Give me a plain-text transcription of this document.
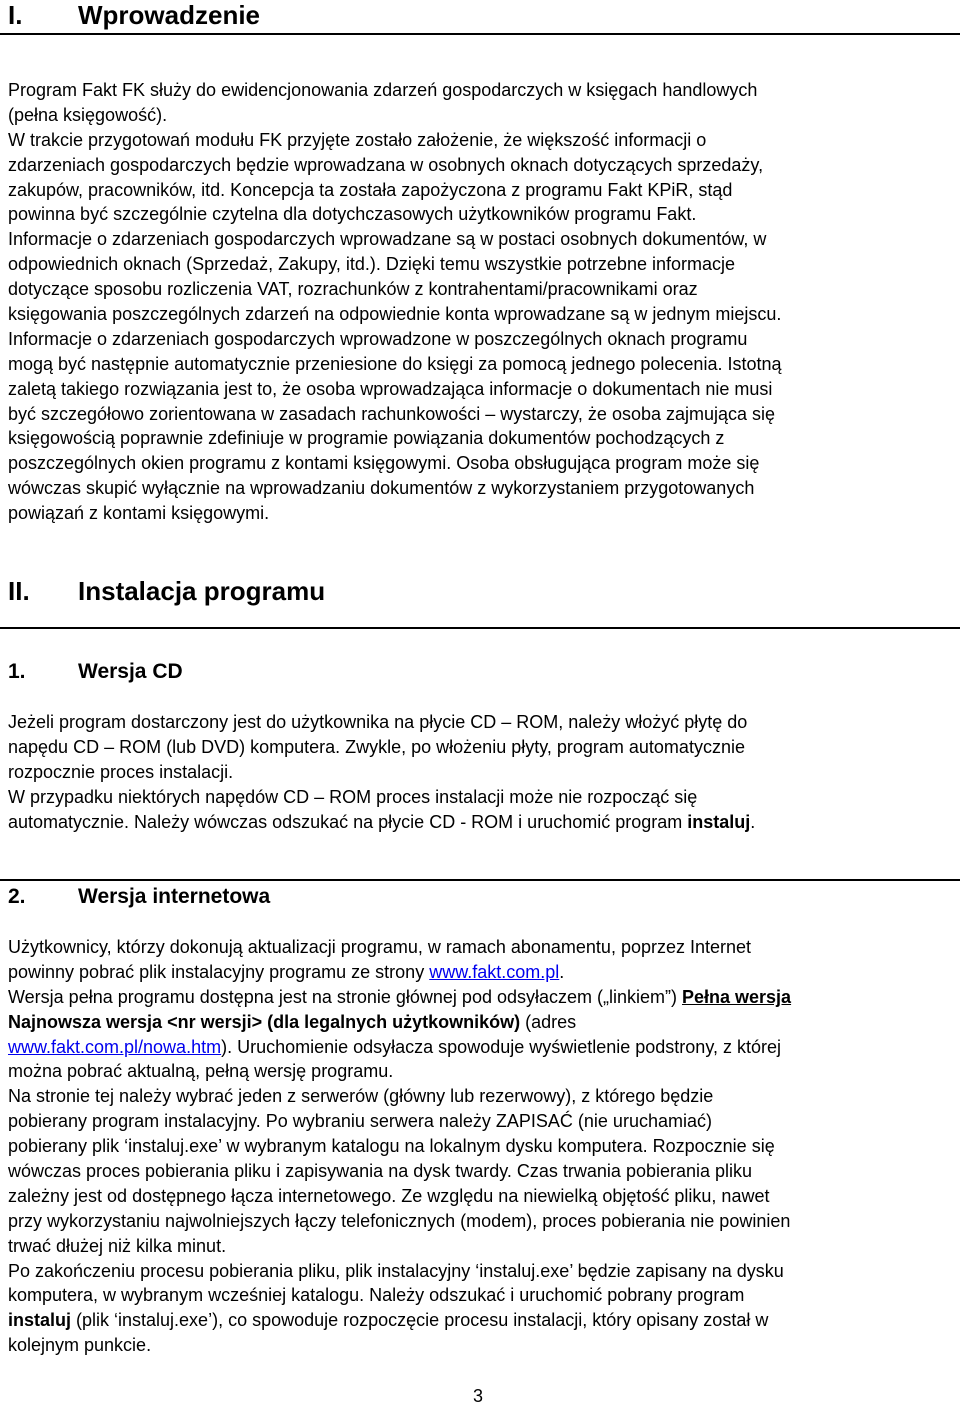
I. Wprowadzenie
Program Fakt FK służy do ewidencjonowania zdarzeń gospodarczych w księgach handlowych
(pełna księgowość).
W trakcie przygotowań modułu FK przyjęte zostało założenie, że większość informacji o
zdarzeniach gospodarczych będzie wprowadzana w osobnych oknach dotyczących sprzedaży,
zakupów, pracowników, itd. Koncepcja ta została zapożyczona z programu Fakt KPiR, stąd
powinna być szczególnie czytelna dla dotychczasowych użytkowników programu Fakt.
Informacje o zdarzeniach gospodarczych wprowadzane są w postaci osobnych dokumentów, w
odpowiednich oknach (Sprzedaż, Zakupy, itd.). Dzięki temu wszystkie potrzebne informacje
dotyczące sposobu rozliczenia VAT, rozrachunków z kontrahentami/pracownikami oraz
księgowania poszczególnych zdarzeń na odpowiednie konta wprowadzane są w jednym miejscu.
Informacje o zdarzeniach gospodarczych wprowadzone w poszczególnych oknach programu
mogą być następnie automatycznie przeniesione do księgi za pomocą jednego polecenia. Istotną
zaletą takiego rozwiązania jest to, że osoba wprowadzająca informacje o dokumentach nie musi
być szczegółowo zorientowana w zasadach rachunkowości – wystarczy, że osoba zajmująca się
księgowością poprawnie zdefiniuje w programie powiązania dokumentów pochodzących z
poszczególnych okien programu z kontami księgowymi. Osoba obsługująca program może się
wówczas skupić wyłącznie na wprowadzaniu dokumentów z wykorzystaniem przygotowanych
powiązań z kontami księgowymi.
II. Instalacja programu
1. Wersja CD
Jeżeli program dostarczony jest do użytkownika na płycie CD – ROM, należy włożyć płytę do
napędu CD – ROM (lub DVD) komputera. Zwykle, po włożeniu płyty, program automatycznie
rozpocznie proces instalacji.
W przypadku niektórych napędów CD – ROM proces instalacji może nie rozpocząć się
automatycznie. Należy wówczas odszukać na płycie CD - ROM i uruchomić program instaluj.
2. Wersja internetowa
Użytkownicy, którzy dokonują aktualizacji programu, w ramach abonamentu, poprzez Internet
powinny pobrać plik instalacyjny programu ze strony www.fakt.com.pl.
Wersja pełna programu dostępna jest na stronie głównej pod odsyłaczem („linkiem”) Pełna wersja
Najnowsza wersja <nr wersji> (dla legalnych użytkowników) (adres
www.fakt.com.pl/nowa.htm). Uruchomienie odsyłacza spowoduje wyświetlenie podstrony, z której
można pobrać aktualną, pełną wersję programu.
Na stronie tej należy wybrać jeden z serwerów (główny lub rezerwowy), z którego będzie
pobierany program instalacyjny. Po wybraniu serwera należy ZAPISAĆ (nie uruchamiać)
pobierany plik ‘instaluj.exe’ w wybranym katalogu na lokalnym dysku komputera. Rozpocznie się
wówczas proces pobierania pliku i zapisywania na dysk twardy. Czas trwania pobierania pliku
zależny jest od dostępnego łącza internetowego. Ze względu na niewielką objętość pliku, nawet
przy wykorzystaniu najwolniejszych łączy telefonicznych (modem), proces pobierania nie powinien
trwać dłużej niż kilka minut.
Po zakończeniu procesu pobierania pliku, plik instalacyjny ‘instaluj.exe’ będzie zapisany na dysku
komputera, w wybranym wcześniej katalogu. Należy odszukać i uruchomić pobrany program
instaluj (plik ‘instaluj.exe’), co spowoduje rozpoczęcie procesu instalacji, który opisany został w
kolejnym punkcie.
3
